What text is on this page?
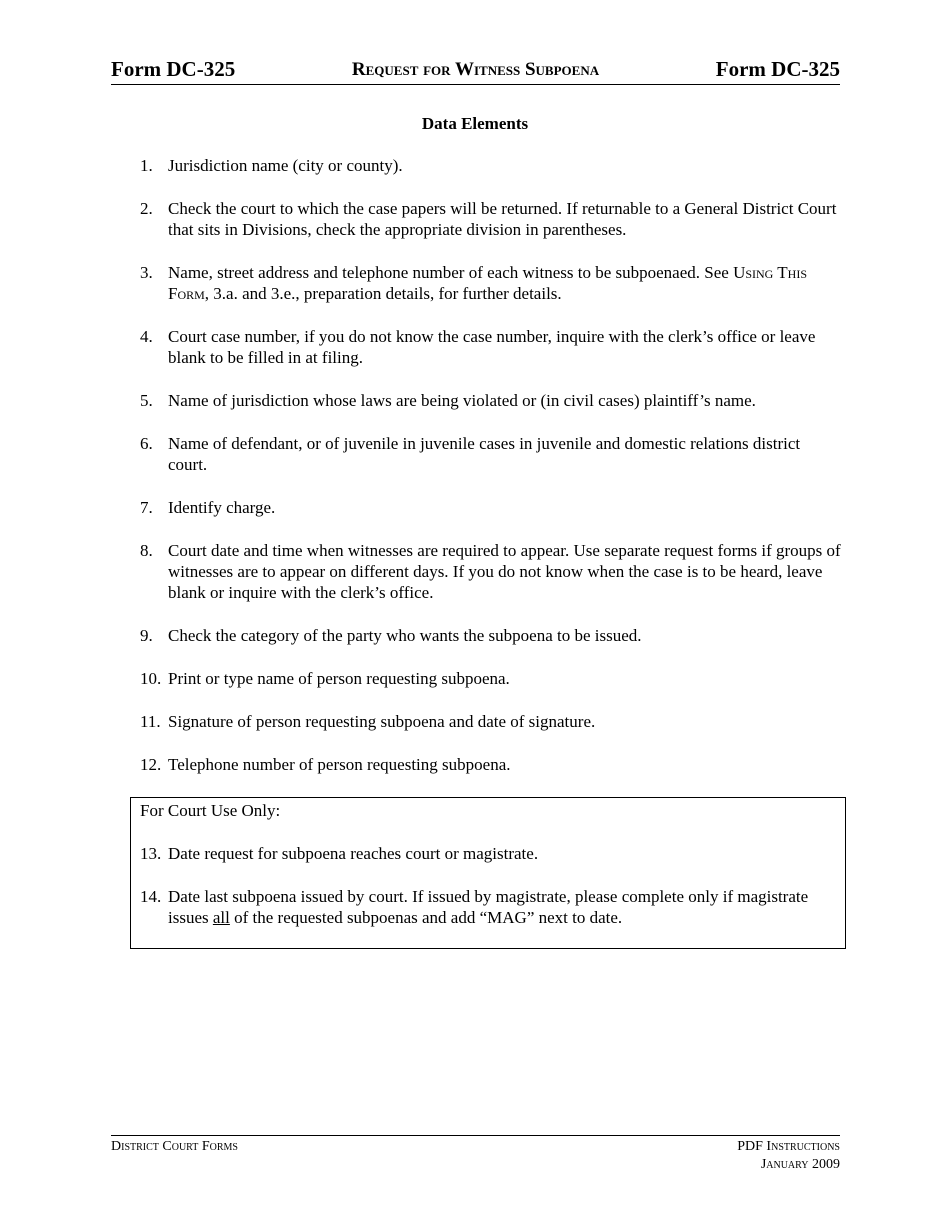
Form DC-325	Request for Witness Subpoena	Form DC-325
Data Elements
1. Jurisdiction name (city or county).
2. Check the court to which the case papers will be returned. If returnable to a General District Court that sits in Divisions, check the appropriate division in parentheses.
3. Name, street address and telephone number of each witness to be subpoenaed. See Using This Form, 3.a. and 3.e., preparation details, for further details.
4. Court case number, if you do not know the case number, inquire with the clerk’s office or leave blank to be filled in at filing.
5. Name of jurisdiction whose laws are being violated or (in civil cases) plaintiff’s name.
6. Name of defendant, or of juvenile in juvenile cases in juvenile and domestic relations district court.
7. Identify charge.
8. Court date and time when witnesses are required to appear. Use separate request forms if groups of witnesses are to appear on different days. If you do not know when the case is to be heard, leave blank or inquire with the clerk’s office.
9. Check the category of the party who wants the subpoena to be issued.
10. Print or type name of person requesting subpoena.
11. Signature of person requesting subpoena and date of signature.
12. Telephone number of person requesting subpoena.
For Court Use Only:
13. Date request for subpoena reaches court or magistrate.
14. Date last subpoena issued by court. If issued by magistrate, please complete only if magistrate issues all of the requested subpoenas and add “MAG” next to date.
District Court Forms	PDF Instructions
January 2009
